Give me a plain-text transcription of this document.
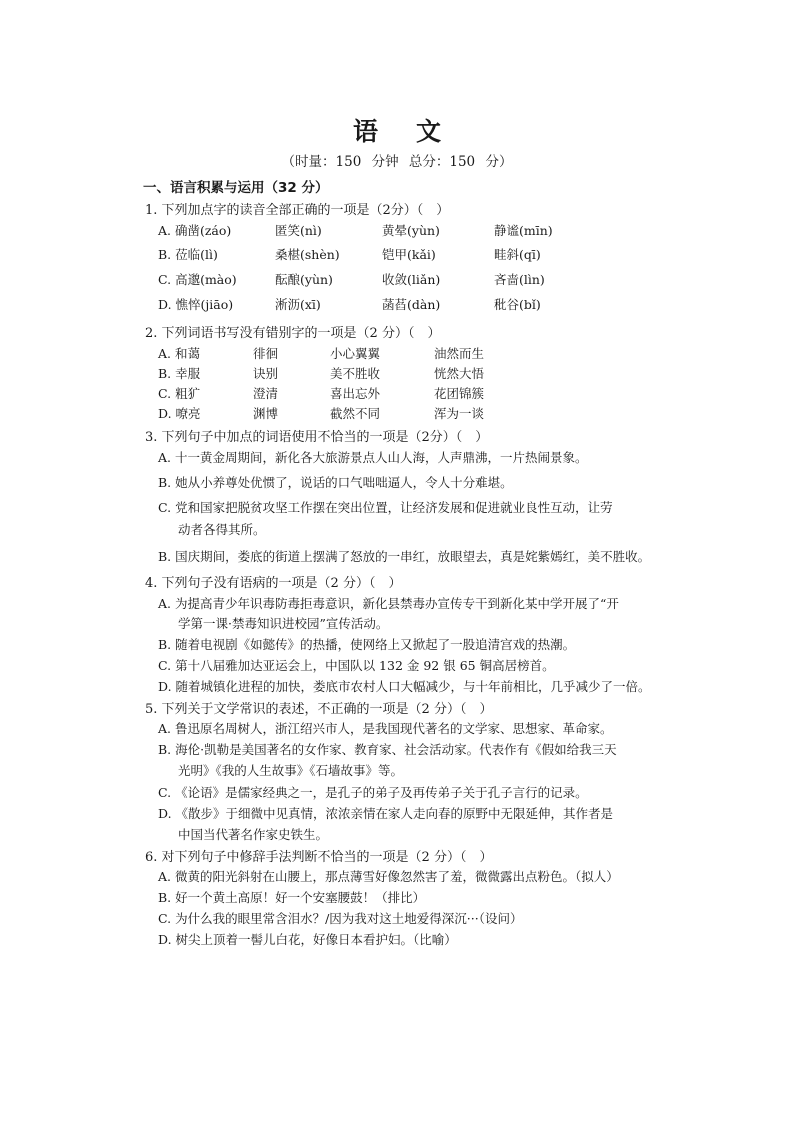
语文
（时量：150 分钟 总分：150 分）
一、语言积累与运用（32 分）
1. 下列加点字的读音全部正确的一项是（2分）（　）
A. 确凿(záo)	匿笑(nì)	黄晕(yùn)	静谧(mīn)
B. 莅临(lì)	桑椹(shèn)	铠甲(kǎi)	畦斜(qī)
C. 高邈(mào)	酝酿(yùn)	收敛(liǎn)	吝啬(lìn)
D. 憔悴(jiāo)	淅沥(xī)	菡萏(dàn)	秕谷(bǐ)
2. 下列词语书写没有错别字的一项是（2 分）（　）
A. 和蔼	徘徊	小心翼翼	油然而生
B. 幸服	诀别	美不胜收	恍然大悟
C. 粗犷	澄清	喜出忘外	花团锦簇
D. 嘹亮	渊博	截然不同	浑为一谈
3. 下列句子中加点的词语使用不恰当的一项是（2分）（　）
A. 十一黄金周期间，新化各大旅游景点人山人海，人声鼎沸，一片热闹景象。
B. 她从小养尊处优惯了，说话的口气咄咄逼人，令人十分难堪。
C. 党和国家把脱贫攻坚工作摆在突出位置，让经济发展和促进就业良性互动，让劳
动者各得其所。
B. 国庆期间，娄底的街道上摆满了怒放的一串红，放眼望去，真是姹紫嫣红，美不胜收。
4. 下列句子没有语病的一项是（2 分）（　）
A. 为提高青少年识毒防毒拒毒意识，新化县禁毒办宣传专干到新化某中学开展了“开
学第一课·禁毒知识进校园”宣传活动。
B. 随着电视剧《如懿传》的热播，使网络上又掀起了一股追清宫戏的热潮。
C. 第十八届雅加达亚运会上，中国队以 132 金 92 银 65 铜高居榜首。
D. 随着城镇化进程的加快，娄底市农村人口大幅减少，与十年前相比，几乎减少了一倍。
5. 下列关于文学常识的表述，不正确的一项是（2 分）（　）
A. 鲁迅原名周树人，浙江绍兴市人，是我国现代著名的文学家、思想家、革命家。
B. 海伦·凯勒是美国著名的女作家、教育家、社会活动家。代表作有《假如给我三天
光明》《我的人生故事》《石墙故事》等。
C. 《论语》是儒家经典之一，是孔子的弟子及再传弟子关于孔子言行的记录。
D. 《散步》于细微中见真情，浓浓亲情在家人走向春的原野中无限延伸，其作者是
中国当代著名作家史铁生。
6. 对下列句子中修辞手法判断不恰当的一项是（2 分）（　）
A. 微黄的阳光斜射在山腰上，那点薄雪好像忽然害了羞，微微露出点粉色。（拟人）
B. 好一个黄土高原！好一个安塞腰鼓！（排比）
C. 为什么我的眼里常含泪水？/因为我对这土地爱得深沉···（设问）
D. 树尖上顶着一髻儿白花，好像日本看护妇。（比喻）
